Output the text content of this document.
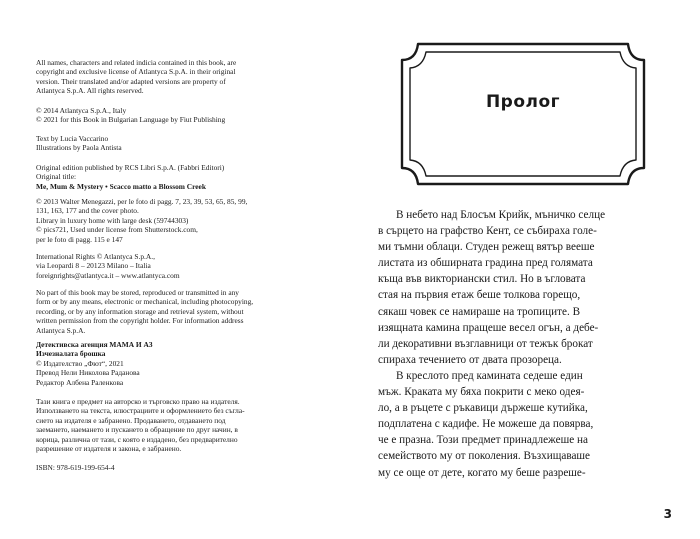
All names, characters and related indicia contained in this book, are

copyright and exclusive license of Atlantyca S.p.A. in their original

version. Their translated and/or adapted versions are property of

Atlantyca S.p.A. All rights reserved.

© 2014 Atlantyca S.p.A., Italy

© 2021 for this Book in Bulgarian Language by Fiut Publishing

Text by Lucia Vaccarino

Illustrations by Paola Antista

Original edition published by RCS Libri S.p.A. (Fabbri Editori)

Original title:

Me, Mum & Mystery • Scacco matto a Blossom Creek

© 2013 Walter Menegazzi, per le foto di pagg. 7, 23, 39, 53, 65, 85, 99,

131, 163, 177 and the cover photo.

Library in luxury home with large desk (59744303)

© pics721, Used under license from Shutterstock.com,

per le foto di pagg. 115 e 147

International Rights © Atlantyca S.p.A.,

via Leopardi 8 – 20123 Milano – Italia

foreignrights@atlantyca.it – www.atlantyca.com

No part of this book may be stored, reproduced or transmitted in any

form or by any means, electronic or mechanical, including photocopying,

recording, or by any information storage and retrieval system, without

written permission from the copyright holder. For information address

Atlantyca S.p.A.

Детективска агенция МАМА И АЗ

Изчезналата брошка

© Издателство „Фют“, 2021

Превод Нели Николова Раданова

Редактор Албена Раленкова

Тази книга е предмет на авторско и търговско право на издателя.

Използването на текста, илюстрациите и оформлението без съгла-

сието на издателя е забранено. Продаването, отдаването под

заемането, наемането и пускането в обращение по друг начин, в

корица, различна от тази, с която е издадено, без предварително

разрешение от издателя и закона, е забранено.

ISBN: 978-619-199-654-4

Пролог
В небето над Блосъм Крийк, мъничко селце
в сърцето на графство Кент, се събираха голе-
ми тъмни облаци. Студен режещ вятър вееше
листата из обширната градина пред голямата
къща във викториански стил. Но в ъгловата
стая на първия етаж беше толкова горещо,
сякаш човек се намираше на тропиците. В
изящната камина пращеше весел огън, а дебе-
ли декоративни възглавници от тежък брокат
спираха течението от двата прозореца.
В креслото пред камината седеше един
мъж. Краката му бяха покрити с меко одея-
ло, а в ръцете с ръкавици държеше кутийка,
подплатена с кадифе. Не можеше да повярва,
че е празна. Този предмет принадлежеше на
семейството му от поколения. Възхищаваше
му се още от дете, когато му беше разреше-
3
